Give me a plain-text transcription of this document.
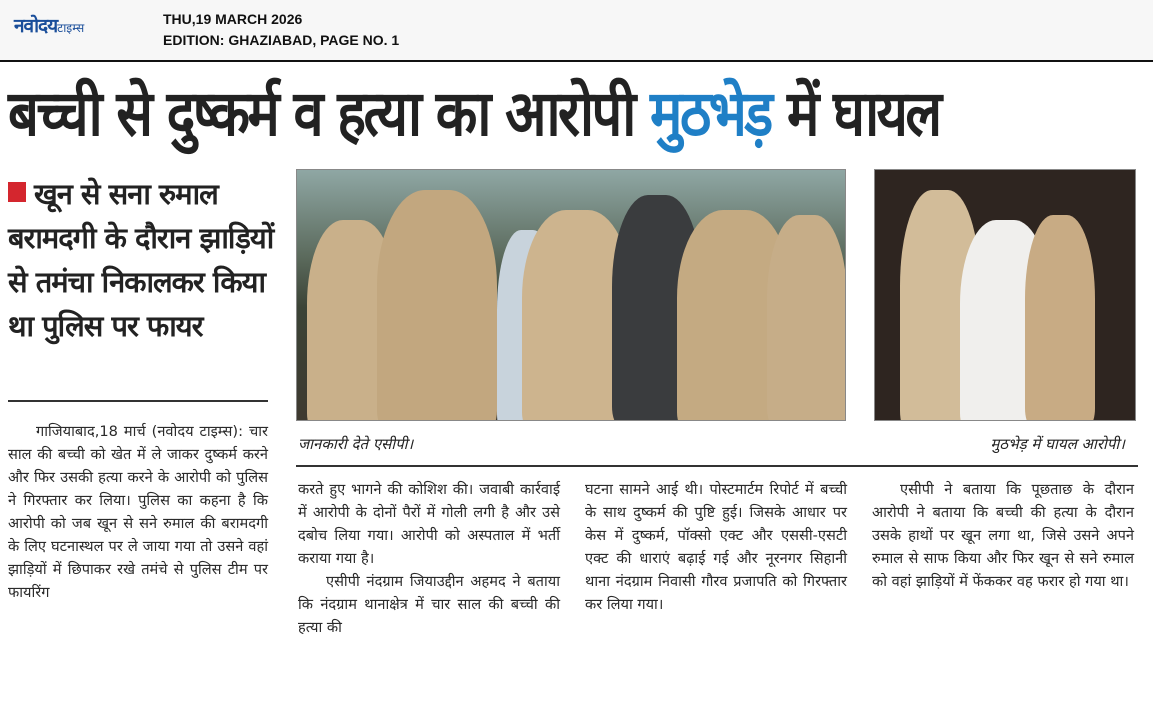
नवोदयटाइम्स
THU,19 MARCH 2026
EDITION: GHAZIABAD, PAGE NO. 1
बच्ची से दुष्कर्म व हत्या का आरोपी मुठभेड़ में घायल
खून से सना रुमाल बरामदगी के दौरान झाड़ियों से तमंचा निकालकर किया था पुलिस पर फायर

गाजियाबाद,18 मार्च (नवोदय टाइम्स): चार साल की बच्ची को खेत में ले जाकर दुष्कर्म करने और फिर उसकी हत्या करने के आरोपी को पुलिस ने गिरफ्तार कर लिया। पुलिस का कहना है कि आरोपी को जब खून से सने रुमाल की बरामदगी के लिए घटनास्थल पर ले जाया गया तो उसने वहां झाड़ियों में छिपाकर रखे तमंचे से पुलिस टीम पर फायरिंग

जानकारी देते एसीपी।	मुठभेड़ में घायल आरोपी।

करते हुए भागने की कोशिश की। जवाबी कार्रवाई में आरोपी के दोनों पैरों में गोली लगी है और उसे दबोच लिया गया। आरोपी को अस्पताल में भर्ती कराया गया है।

एसीपी नंदग्राम जियाउद्दीन अहमद ने बताया कि नंदग्राम थानाक्षेत्र में चार साल की बच्ची की हत्या की

घटना सामने आई थी। पोस्टमार्टम रिपोर्ट में बच्ची के साथ दुष्कर्म की पुष्टि हुई। जिसके आधार पर केस में दुष्कर्म, पॉक्सो एक्ट और एससी-एसटी एक्ट की धाराएं बढ़ाई गई और नूरनगर सिहानी थाना नंदग्राम निवासी गौरव प्रजापति को गिरफ्तार कर लिया गया।

एसीपी ने बताया कि पूछताछ के दौरान आरोपी ने बताया कि बच्ची की हत्या के दौरान उसके हाथों पर खून लगा था, जिसे उसने अपने रुमाल से साफ किया और फिर खून से सने रुमाल को वहां झाड़ियों में फेंककर वह फरार हो गया था।
